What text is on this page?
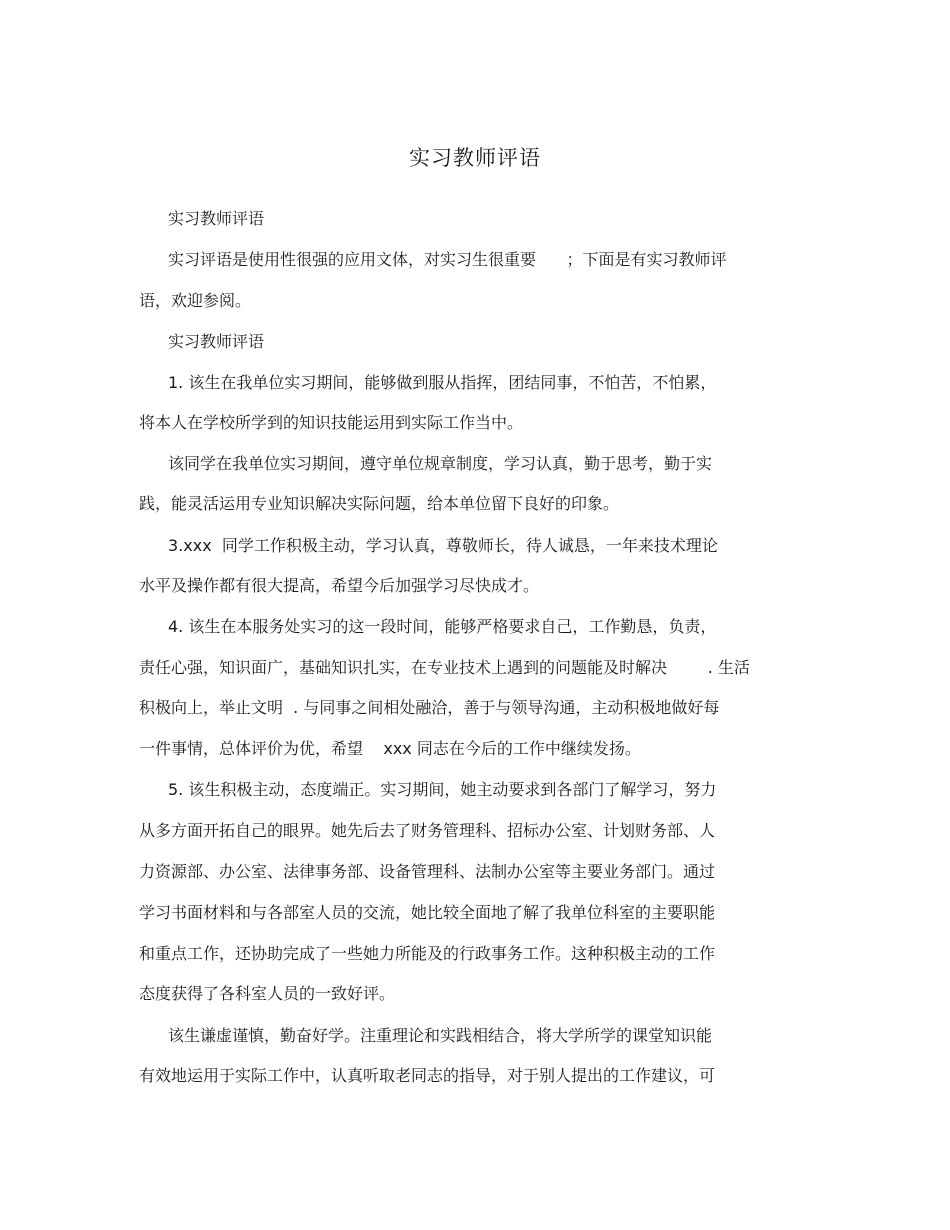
实习教师评语

实习教师评语

实习评语是使用性很强的应用文体，对实习生很重要      ；下面是有实习教师评

语，欢迎参阅。

实习教师评语

1. 该生在我单位实习期间，能够做到服从指挥，团结同事，不怕苦，不怕累，

将本人在学校所学到的知识技能运用到实际工作当中。

该同学在我单位实习期间，遵守单位规章制度，学习认真，勤于思考，勤于实

践，能灵活运用专业知识解决实际问题，给本单位留下良好的印象。

3.xxx  同学工作积极主动，学习认真，尊敬师长，待人诚恳，一年来技术理论

水平及操作都有很大提高，希望今后加强学习尽快成才。

4. 该生在本服务处实习的这一段时间，能够严格要求自己，工作勤恳，负责，

责任心强，知识面广，基础知识扎实，在专业技术上遇到的问题能及时解决        . 生活

积极向上，举止文明  . 与同事之间相处融洽，善于与领导沟通，主动积极地做好每

一件事情，总体评价为优，希望    xxx 同志在今后的工作中继续发扬。

5. 该生积极主动，态度端正。实习期间，她主动要求到各部门了解学习，努力

从多方面开拓自己的眼界。她先后去了财务管理科、招标办公室、计划财务部、人

力资源部、办公室、法律事务部、设备管理科、法制办公室等主要业务部门。通过

学习书面材料和与各部室人员的交流，她比较全面地了解了我单位科室的主要职能

和重点工作，还协助完成了一些她力所能及的行政事务工作。这种积极主动的工作

态度获得了各科室人员的一致好评。

该生谦虚谨慎，勤奋好学。注重理论和实践相结合，将大学所学的课堂知识能

有效地运用于实际工作中，认真听取老同志的指导，对于别人提出的工作建议，可
